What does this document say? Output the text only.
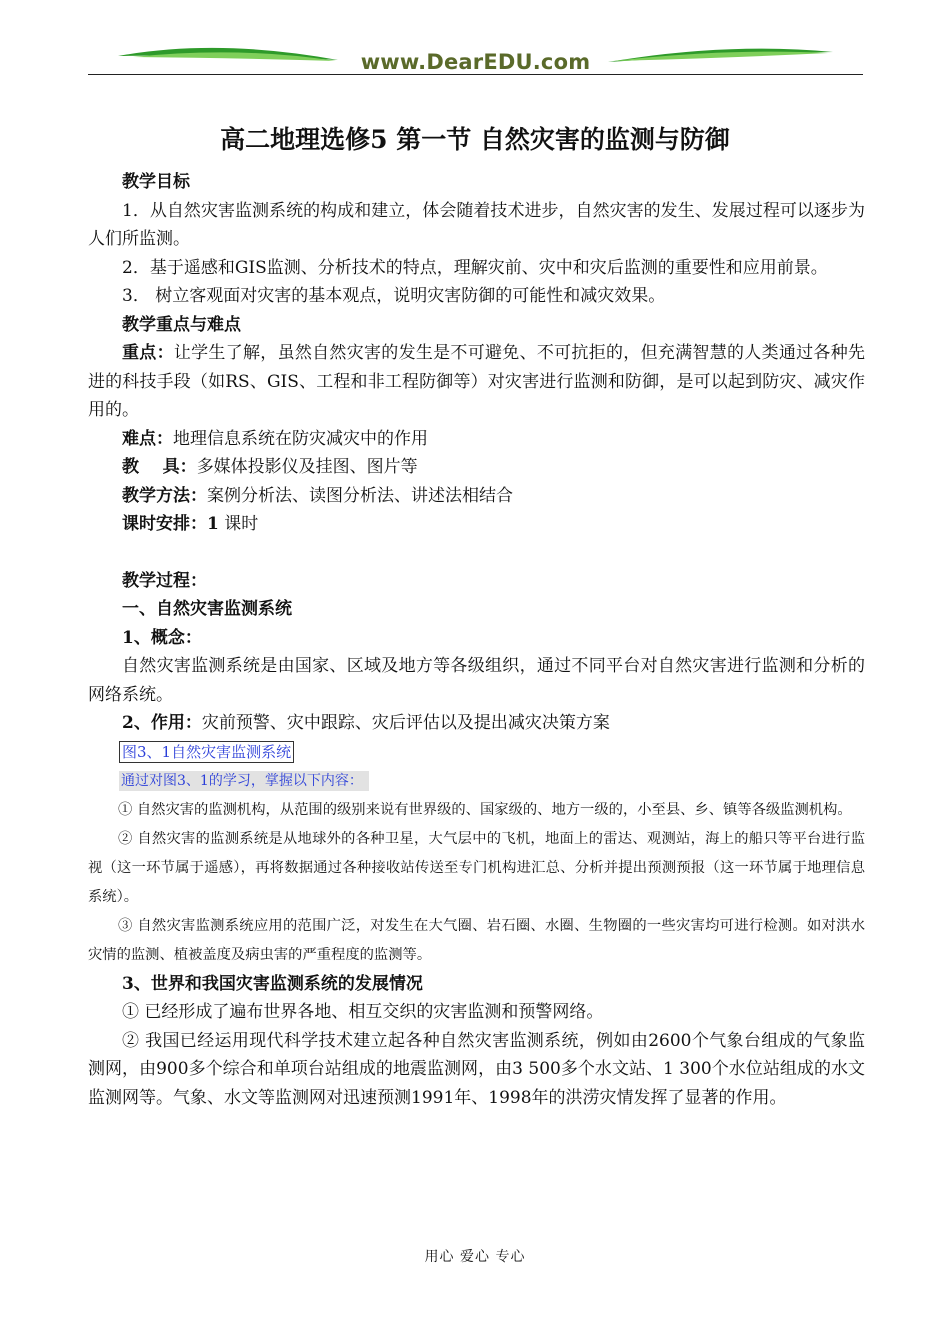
www.DearEDU.com
高二地理选修5 第一节 自然灾害的监测与防御

教学目标

1．从自然灾害监测系统的构成和建立，体会随着技术进步，自然灾害的发生、发展过程可以逐步为人们所监测。

2．基于遥感和GIS监测、分析技术的特点，理解灾前、灾中和灾后监测的重要性和应用前景。

3． 树立客观面对灾害的基本观点，说明灾害防御的可能性和减灾效果。

教学重点与难点

重点：让学生了解，虽然自然灾害的发生是不可避免、不可抗拒的，但充满智慧的人类通过各种先进的科技手段（如RS、GIS、工程和非工程防御等）对灾害进行监测和防御，是可以起到防灾、减灾作用的。

难点：地理信息系统在防灾减灾中的作用

教    具：多媒体投影仪及挂图、图片等

教学方法：案例分析法、读图分析法、讲述法相结合

课时安排：1 课时

教学过程：

一、自然灾害监测系统

1、概念：

自然灾害监测系统是由国家、区域及地方等各级组织，通过不同平台对自然灾害进行监测和分析的网络系统。

2、作用：灾前预警、灾中跟踪、灾后评估以及提出减灾决策方案

图3、1自然灾害监测系统
通过对图3、1的学习，掌握以下内容：

① 自然灾害的监测机构，从范围的级别来说有世界级的、国家级的、地方一级的，小至县、乡、镇等各级监测机构。

② 自然灾害的监测系统是从地球外的各种卫星，大气层中的飞机，地面上的雷达、观测站，海上的船只等平台进行监视（这一环节属于遥感），再将数据通过各种接收站传送至专门机构进汇总、分析并提出预测预报（这一环节属于地理信息系统）。

③ 自然灾害监测系统应用的范围广泛，对发生在大气圈、岩石圈、水圈、生物圈的一些灾害均可进行检测。如对洪水灾情的监测、植被盖度及病虫害的严重程度的监测等。

3、世界和我国灾害监测系统的发展情况

① 已经形成了遍布世界各地、相互交织的灾害监测和预警网络。

② 我国已经运用现代科学技术建立起各种自然灾害监测系统，例如由2600个气象台组成的气象监测网，由900多个综合和单项台站组成的地震监测网，由3 500多个水文站、1 300个水位站组成的水文监测网等。气象、水文等监测网对迅速预测1991年、1998年的洪涝灾情发挥了显著的作用。

用心 爱心 专心
